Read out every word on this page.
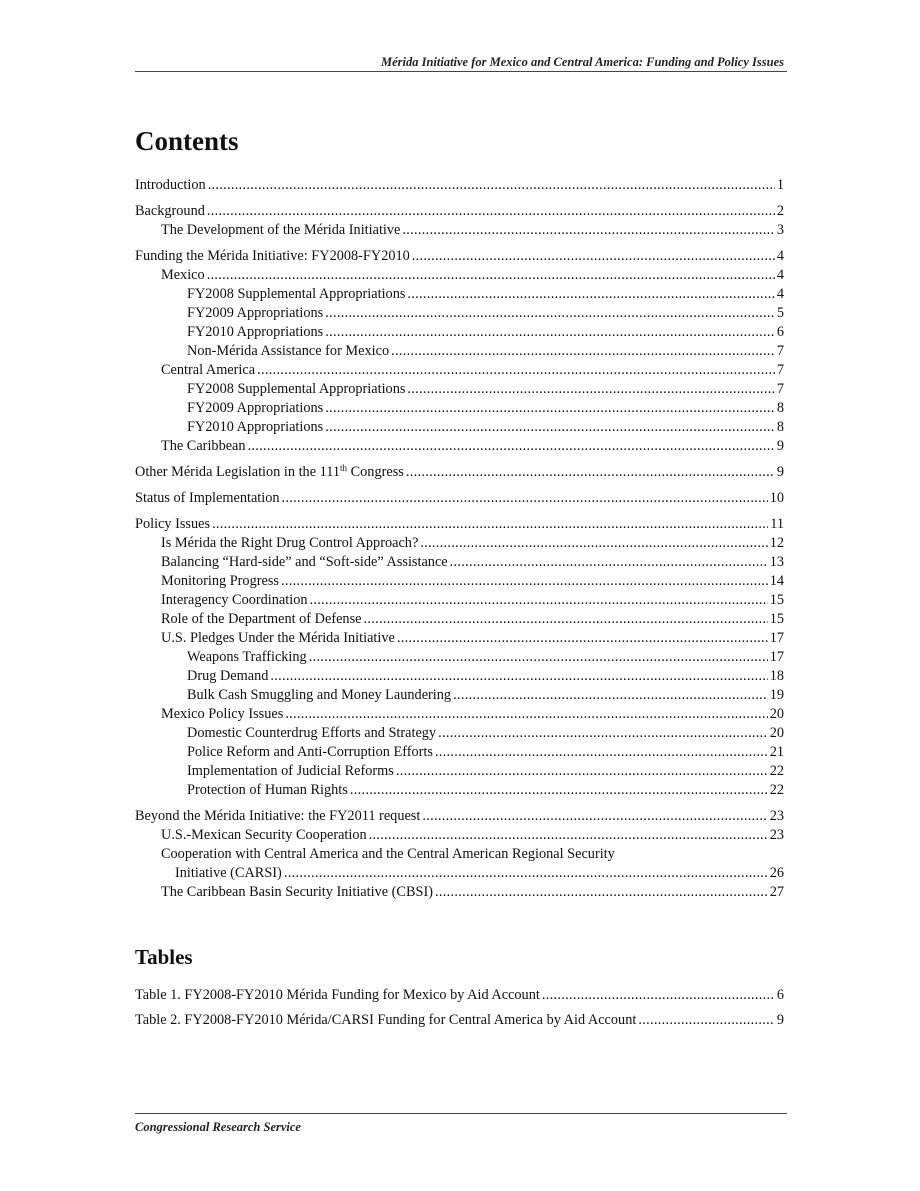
Mérida Initiative for Mexico and Central America: Funding and Policy Issues
Contents
Introduction .....	1
Background .....	2
The Development of the Mérida Initiative .....	3
Funding the Mérida Initiative: FY2008-FY2010 .....	4
Mexico .....	4
FY2008 Supplemental Appropriations .....	4
FY2009 Appropriations .....	5
FY2010 Appropriations .....	6
Non-Mérida Assistance for Mexico .....	7
Central America .....	7
FY2008 Supplemental Appropriations .....	7
FY2009 Appropriations .....	8
FY2010 Appropriations .....	8
The Caribbean .....	9
Other Mérida Legislation in the 111th Congress .....	9
Status of Implementation .....	10
Policy Issues .....	11
Is Mérida the Right Drug Control Approach? .....	12
Balancing “Hard-side” and “Soft-side” Assistance .....	13
Monitoring Progress .....	14
Interagency Coordination .....	15
Role of the Department of Defense .....	15
U.S. Pledges Under the Mérida Initiative .....	17
Weapons Trafficking .....	17
Drug Demand .....	18
Bulk Cash Smuggling and Money Laundering .....	19
Mexico Policy Issues .....	20
Domestic Counterdrug Efforts and Strategy .....	20
Police Reform and Anti-Corruption Efforts .....	21
Implementation of Judicial Reforms .....	22
Protection of Human Rights .....	22
Beyond the Mérida Initiative: the FY2011 request .....	23
U.S.-Mexican Security Cooperation .....	23
Cooperation with Central America and the Central American Regional Security
Initiative (CARSI) .....	26
The Caribbean Basin Security Initiative (CBSI) .....	27
Tables
Table 1. FY2008-FY2010 Mérida Funding for Mexico by Aid Account .....	6
Table 2. FY2008-FY2010 Mérida/CARSI Funding for Central America by Aid Account .....	9
Congressional Research Service
